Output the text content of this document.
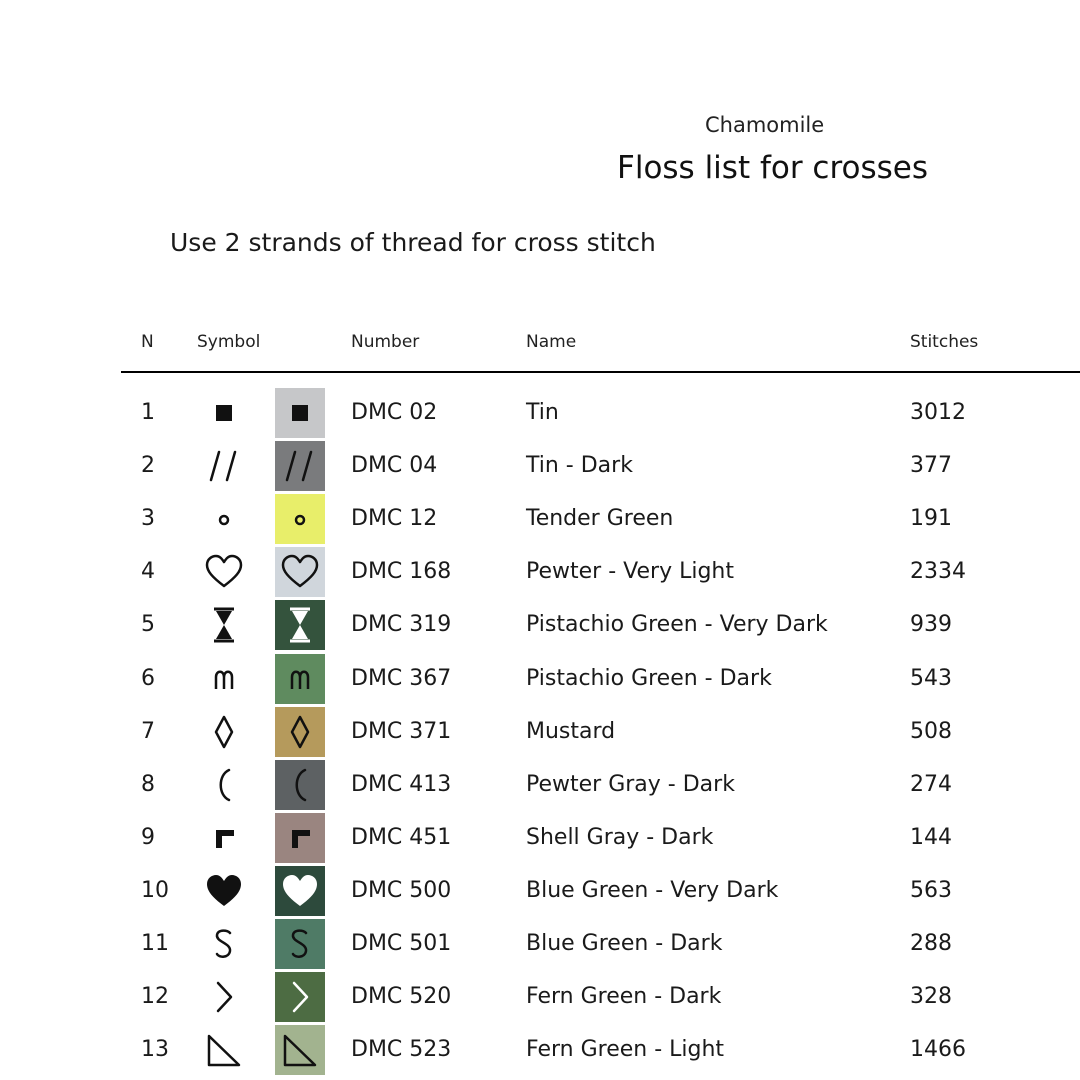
Chamomile
Floss list for crosses
Use 2 strands of thread for cross stitch
N	Symbol	Number	Name	Stitches
1	DMC 02	Tin	3012
2	DMC 04	Tin - Dark	377
3	DMC 12	Tender Green	191
4	DMC 168	Pewter - Very Light	2334
5	DMC 319	Pistachio Green - Very Dark	939
6	DMC 367	Pistachio Green - Dark	543
7	DMC 371	Mustard	508
8	DMC 413	Pewter Gray - Dark	274
9	DMC 451	Shell Gray - Dark	144
10	DMC 500	Blue Green - Very Dark	563
11	DMC 501	Blue Green - Dark	288
12	DMC 520	Fern Green - Dark	328
13	DMC 523	Fern Green - Light	1466
